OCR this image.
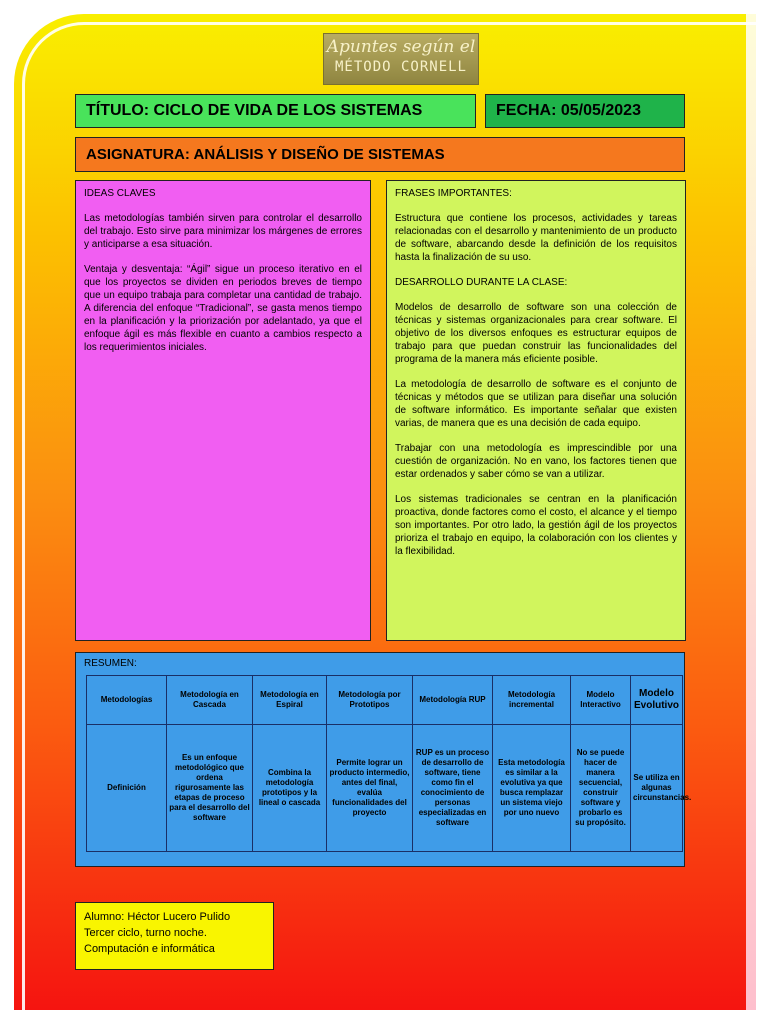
Apuntes según el
MÉTODO CORNELL
TÍTULO: CICLO DE VIDA DE LOS SISTEMAS	FECHA: 05/05/2023
ASIGNATURA: ANÁLISIS Y DISEÑO DE SISTEMAS

IDEAS CLAVES

Las metodologías también sirven para controlar el desarrollo del trabajo. Esto sirve para minimizar los márgenes de errores y anticiparse a esa situación.

Ventaja y desventaja: “Ágil” sigue un proceso iterativo en el que los proyectos se dividen en periodos breves de tiempo que un equipo trabaja para completar una cantidad de trabajo. A diferencia del enfoque “Tradicional”, se gasta menos tiempo en la planificación y la priorización por adelantado, ya que el enfoque ágil es más flexible en cuanto a cambios respecto a los requerimientos iniciales.

FRASES IMPORTANTES:

Estructura que contiene los procesos, actividades y tareas relacionadas con el desarrollo y mantenimiento de un producto de software, abarcando desde la definición de los requisitos hasta la finalización de su uso.

DESARROLLO DURANTE LA CLASE:

Modelos de desarrollo de software son una colección de técnicas y sistemas organizacionales para crear software. El objetivo de los diversos enfoques es estructurar equipos de trabajo para que puedan construir las funcionalidades del programa de la manera más eficiente posible.

La metodología de desarrollo de software es el conjunto de técnicas y métodos que se utilizan para diseñar una solución de software informático. Es importante señalar que existen varias, de manera que es una decisión de cada equipo.

Trabajar con una metodología es imprescindible por una cuestión de organización. No en vano, los factores tienen que estar ordenados y saber cómo se van a utilizar.

Los sistemas tradicionales se centran en la planificación proactiva, donde factores como el costo, el alcance y el tiempo son importantes. Por otro lado, la gestión ágil de los proyectos prioriza el trabajo en equipo, la colaboración con los clientes y la flexibilidad.

RESUMEN:
Metodologías	Metodología en Cascada	Metodología en Espiral	Metodología por Prototipos	Metodología RUP	Metodología incremental	Modelo Interactivo	Modelo Evolutivo
Definición	Es un enfoque metodológico que ordena rigurosamente las etapas de proceso para el desarrollo del software	Combina la metodología prototipos y la lineal o cascada	Permite lograr un producto intermedio, antes del final, evalúa funcionalidades del proyecto	RUP es un proceso de desarrollo de software, tiene como fin el conocimiento de personas especializadas en software	Esta metodología es similar a la evolutiva ya que busca remplazar un sistema viejo por uno nuevo	No se puede hacer de manera secuencial, construir software y probarlo es su propósito.	Se utiliza en algunas circunstancias.
Alumno: Héctor Lucero Pulido
Tercer ciclo, turno noche.
Computación e informática
